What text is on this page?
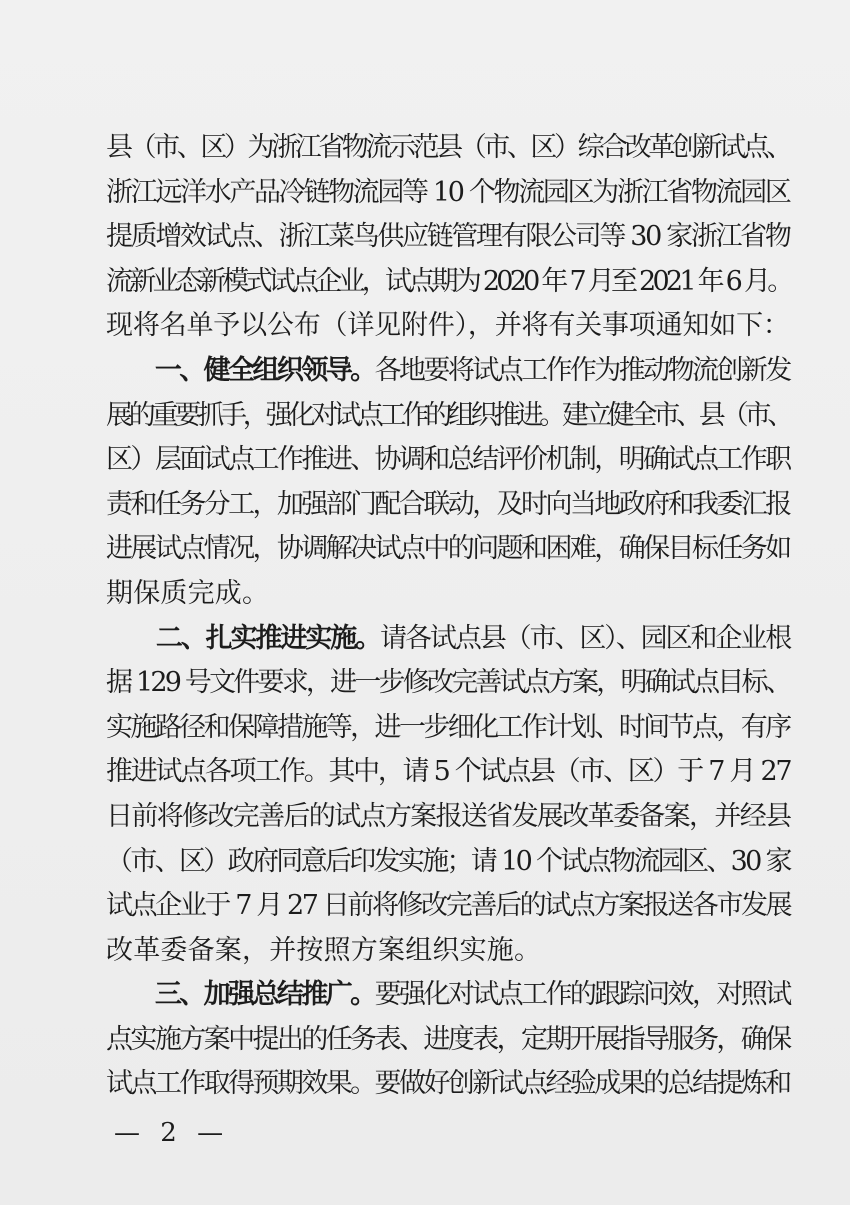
县（市、区）为浙江省物流示范县（市、区）综合改革创新试点、
浙江远洋水产品冷链物流园等 10 个物流园区为浙江省物流园区
提质增效试点、浙江菜鸟供应链管理有限公司等 30 家浙江省物
流新业态新模式试点企业，试点期为 2020 年 7 月至 2021 年 6 月。
现将名单予以公布（详见附件），并将有关事项通知如下：
　　一、健全组织领导。各地要将试点工作作为推动物流创新发
展的重要抓手，强化对试点工作的组织推进。建立健全市、县（市、
区）层面试点工作推进、协调和总结评价机制，明确试点工作职
责和任务分工，加强部门配合联动，及时向当地政府和我委汇报
进展试点情况，协调解决试点中的问题和困难，确保目标任务如
期保质完成。
　　二、扎实推进实施。请各试点县（市、区）、园区和企业根
据 129 号文件要求，进一步修改完善试点方案，明确试点目标、
实施路径和保障措施等，进一步细化工作计划、时间节点，有序
推进试点各项工作。其中，请 5 个试点县（市、区）于 7 月 27
日前将修改完善后的试点方案报送省发展改革委备案，并经县
（市、区）政府同意后印发实施；请 10 个试点物流园区、30 家
试点企业于 7 月 27 日前将修改完善后的试点方案报送各市发展
改革委备案，并按照方案组织实施。
　　三、加强总结推广。要强化对试点工作的跟踪问效，对照试
点实施方案中提出的任务表、进度表，定期开展指导服务，确保
试点工作取得预期效果。要做好创新试点经验成果的总结提炼和
— 2 —
